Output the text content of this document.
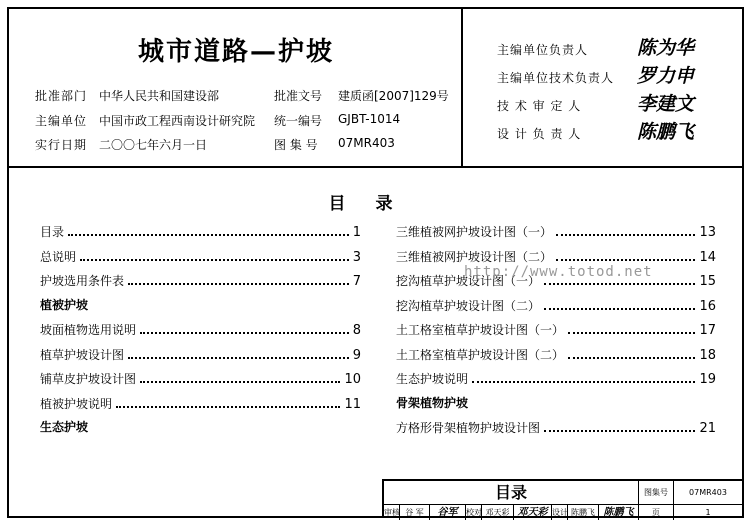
城市道路—护坡
批准部门 中华人民共和国建设部	批准文号	建质函[2007]129号
主编单位 中国市政工程西南设计研究院	统一编号	GJBT-1014
实行日期 二〇〇七年六月一日	图 集 号	07MR403
主编单位负责人	陈为华
主编单位技术负责人 罗力申
技 术 审 定 人	李建文
设 计 负 责 人	陈鹏飞
目录
目录	1
总说明	3
护坡选用条件表	7
植被护坡
坡面植物选用说明	8
植草护坡设计图	9
铺草皮护坡设计图	10
植被护坡说明	11
生态护坡
三维植被网护坡设计图（一）	13
三维植被网护坡设计图（二）	14
挖沟植草护坡设计图（一）	15
挖沟植草护坡设计图（二）	16
土工格室植草护坡设计图（一）	17
土工格室植草护坡设计图（二）	18
生态护坡说明	19
骨架植物护坡
方格形骨架植物护坡设计图	21
http://www.totod.net
目录	图集号	07MR403
审核 谷 军	谷军	校对 邓天彩 邓天彩 设计 陈鹏飞 陈鹏飞	页	1
